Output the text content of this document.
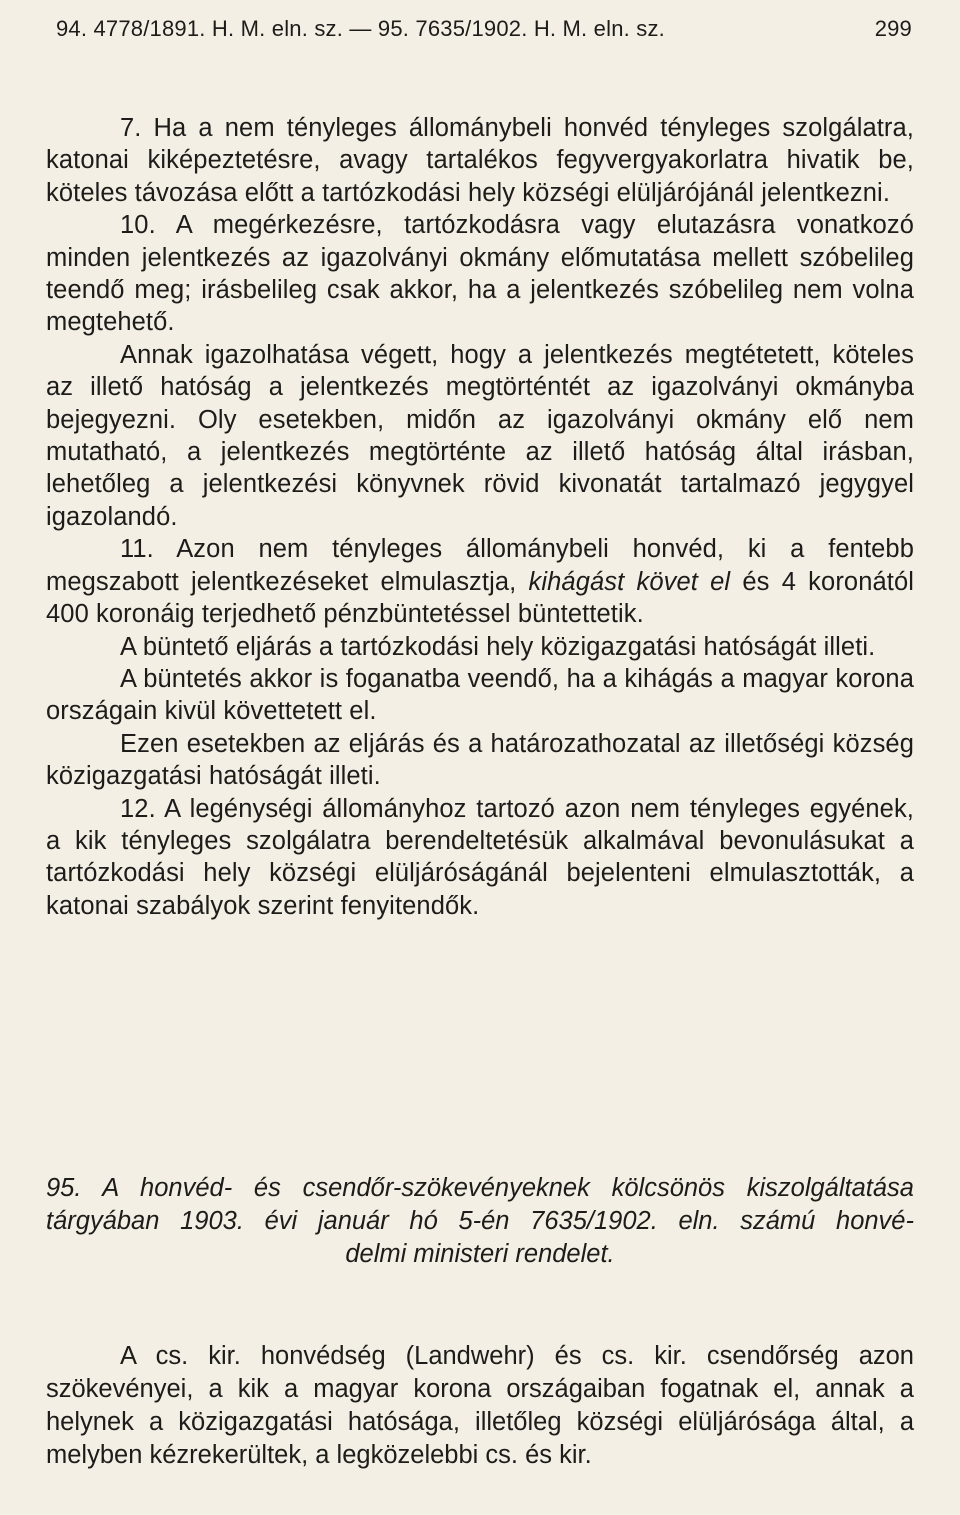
94. 4778/1891. H. M. eln. sz. — 95. 7635/1902. H. M. eln. sz.	299

7. Ha a nem tényleges állománybeli honvéd tényleges szolgálatra, katonai kiképeztetésre, avagy tartalékos fegyvergyakorlatra hivatik be, köteles távozása előtt a tartózkodási hely községi elüljárójánál jelentkezni.

10. A megérkezésre, tartózkodásra vagy elutazásra vonatkozó minden jelentkezés az igazolványi okmány előmutatása mellett szóbelileg teendő meg; irásbelileg csak akkor, ha a jelentkezés szóbelileg nem volna megtehető.

Annak igazolhatása végett, hogy a jelentkezés megtétetett, köteles az illető hatóság a jelentkezés megtörténtét az igazolványi okmányba bejegyezni. Oly esetekben, midőn az igazolványi okmány elő nem mutatható, a jelentkezés megtörténte az illető hatóság által irásban, lehetőleg a jelentkezési könyvnek rövid kivonatát tartalmazó jegygyel igazolandó.

11. Azon nem tényleges állománybeli honvéd, ki a fentebb megszabott jelentkezéseket elmulasztja, kihágást követ el és 4 koronától 400 koronáig terjedhető pénzbüntetéssel büntettetik.

A büntető eljárás a tartózkodási hely közigazgatási hatóságát illeti.

A büntetés akkor is foganatba veendő, ha a kihágás a magyar korona országain kivül követtetett el.

Ezen esetekben az eljárás és a határozathozatal az illetőségi község közigazgatási hatóságát illeti.

12. A legénységi állományhoz tartozó azon nem tényleges egyének, a kik tényleges szolgálatra berendeltetésük alkalmával bevonulásukat a tartózkodási hely községi elüljáróságánál bejelenteni elmulasztották, a katonai szabályok szerint fenyitendők.

95. A honvéd- és csendőr-szökevényeknek kölcsönös kiszolgáltatása
tárgyában 1903. évi január hó 5-én 7635/1902. eln. számú honvé-
delmi ministeri rendelet.

A cs. kir. honvédség (Landwehr) és cs. kir. csendőrség azon szökevényei, a kik a magyar korona országaiban fogatnak el, annak a helynek a közigazgatási hatósága, illetőleg községi elüljárósága által, a melyben kézrekerültek, a legközelebbi cs. és kir.
